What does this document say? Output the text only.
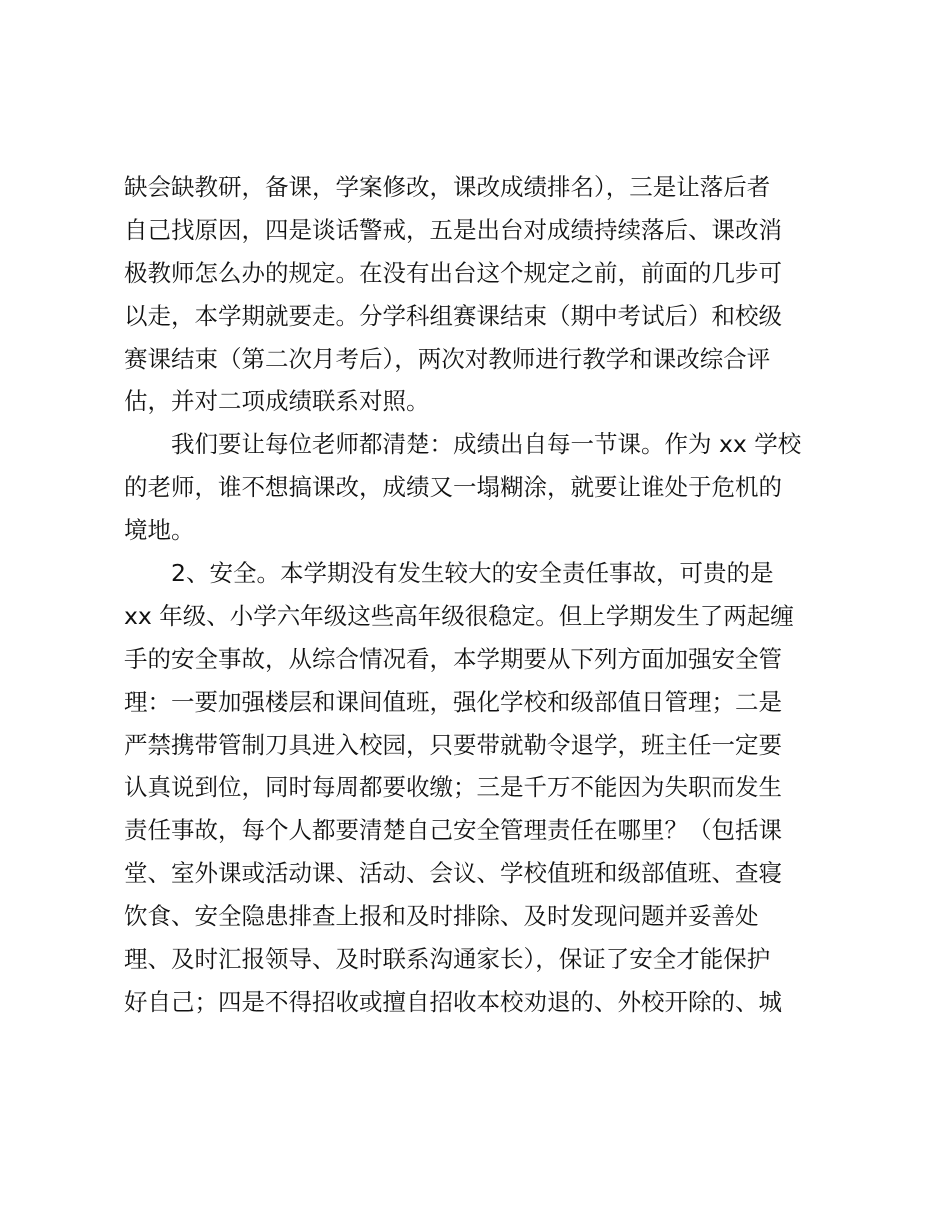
缺会缺教研，备课，学案修改，课改成绩排名），三是让落后者
自己找原因，四是谈话警戒，五是出台对成绩持续落后、课改消
极教师怎么办的规定。在没有出台这个规定之前，前面的几步可
以走，本学期就要走。分学科组赛课结束（期中考试后）和校级
赛课结束（第二次月考后），两次对教师进行教学和课改综合评
估，并对二项成绩联系对照。
我们要让每位老师都清楚：成绩出自每一节课。作为 xx 学校
的老师，谁不想搞课改，成绩又一塌糊涂，就要让谁处于危机的
境地。
2、安全。本学期没有发生较大的安全责任事故，可贵的是
xx 年级、小学六年级这些高年级很稳定。但上学期发生了两起缠
手的安全事故，从综合情况看，本学期要从下列方面加强安全管
理：一要加强楼层和课间值班，强化学校和级部值日管理；二是
严禁携带管制刀具进入校园，只要带就勒令退学，班主任一定要
认真说到位，同时每周都要收缴；三是千万不能因为失职而发生
责任事故，每个人都要清楚自己安全管理责任在哪里？（包括课
堂、室外课或活动课、活动、会议、学校值班和级部值班、查寝
饮食、安全隐患排查上报和及时排除、及时发现问题并妥善处
理、及时汇报领导、及时联系沟通家长），保证了安全才能保护
好自己；四是不得招收或擅自招收本校劝退的、外校开除的、城
